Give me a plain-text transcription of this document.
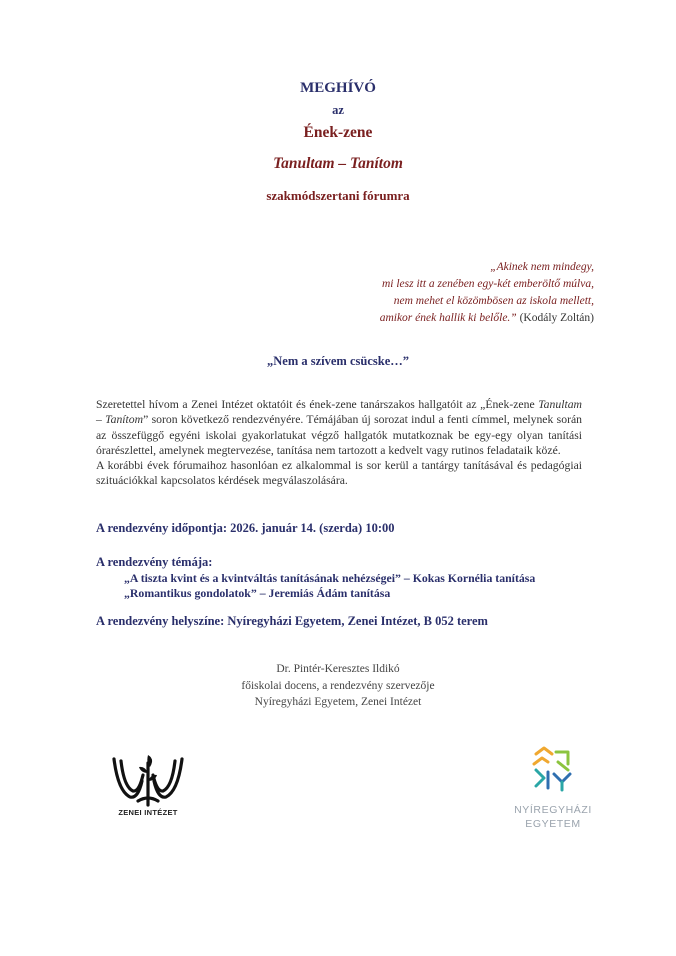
MEGHÍVÓ
az
Ének-zene
Tanultam – Tanítom
szakmódszertani fórumra
„Akinek nem mindegy,
mi lesz itt a zenében egy-két emberöltő múlva,
nem mehet el közömbösen az iskola mellett,
amikor ének hallik ki belőle.” (Kodály Zoltán)
„Nem a szívem csücske…”

Szeretettel hívom a Zenei Intézet oktatóit és ének-zene tanárszakos hallgatóit az „Ének-zene Tanultam – Tanítom” soron következő rendezvényére. Témájában új sorozat indul a fenti címmel, melynek során az összefüggő egyéni iskolai gyakorlatukat végző hallgatók mutatkoznak be egy-egy olyan tanítási órarészlettel, amelynek megtervezése, tanítása nem tartozott a kedvelt vagy rutinos feladataik közé.

A korábbi évek fórumaihoz hasonlóan ez alkalommal is sor kerül a tantárgy tanításával és pedagógiai szituációkkal kapcsolatos kérdések megválaszolására.

A rendezvény időpontja: 2026. január 14. (szerda) 10:00
A rendezvény témája:
„A tiszta kvint és a kvintváltás tanításának nehézségei” – Kokas Kornélia tanítása
„Romantikus gondolatok” – Jeremiás Ádám tanítása
A rendezvény helyszíne: Nyíregyházi Egyetem, Zenei Intézet, B 052 terem
Dr. Pintér-Keresztes Ildikó
főiskolai docens, a rendezvény szervezője
Nyíregyházi Egyetem, Zenei Intézet
ZENEI INTÉZET	NYÍREGYHÁZI
EGYETEM
